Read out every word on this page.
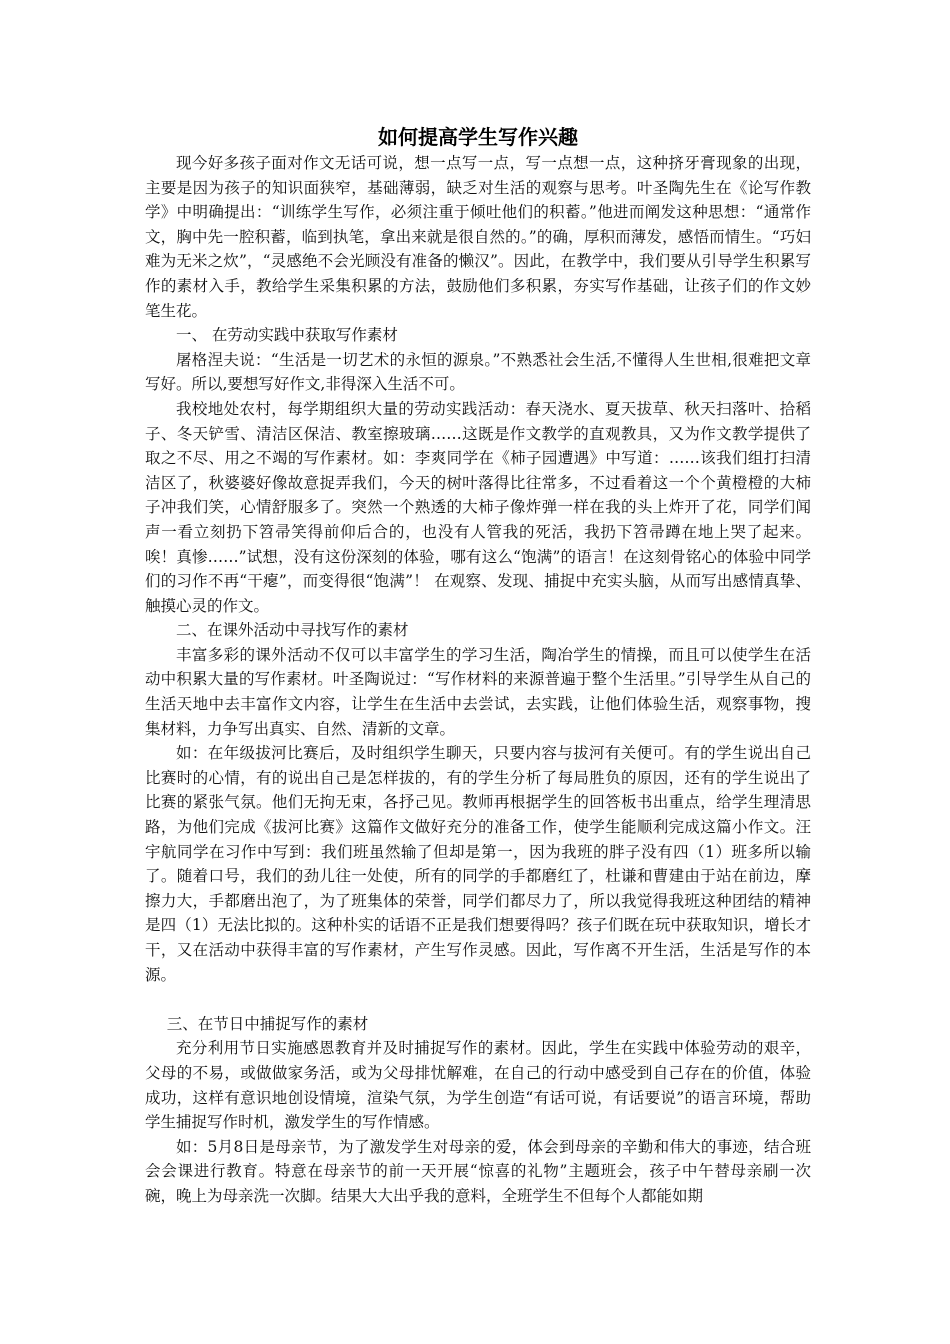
如何提高学生写作兴趣

现今好多孩子面对作文无话可说，想一点写一点，写一点想一点，这种挤牙膏现象的出现，主要是因为孩子的知识面狭窄，基础薄弱，缺乏对生活的观察与思考。叶圣陶先生在《论写作教学》中明确提出：“训练学生写作，必须注重于倾吐他们的积蓄。”他进而阐发这种思想：“通常作文，胸中先一腔积蓄，临到执笔，拿出来就是很自然的。”的确，厚积而薄发，感悟而情生。“巧妇难为无米之炊”，“灵感绝不会光顾没有准备的懒汉”。因此，在教学中，我们要从引导学生积累写作的素材入手，教给学生采集积累的方法，鼓励他们多积累，夯实写作基础，让孩子们的作文妙笔生花。

一、 在劳动实践中获取写作素材

屠格涅夫说：“生活是一切艺术的永恒的源泉。”不熟悉社会生活,不懂得人生世相,很难把文章写好。所以,要想写好作文,非得深入生活不可。

我校地处农村，每学期组织大量的劳动实践活动：春天浇水、夏天拔草、秋天扫落叶、拾稻子、冬天铲雪、清洁区保洁、教室擦玻璃……这既是作文教学的直观教具，又为作文教学提供了取之不尽、用之不竭的写作素材。如：李爽同学在《柿子园遭遇》中写道：……该我们组打扫清洁区了，秋婆婆好像故意捉弄我们，今天的树叶落得比往常多，不过看着这一个个黄橙橙的大柿子冲我们笑，心情舒服多了。突然一个熟透的大柿子像炸弹一样在我的头上炸开了花，同学们闻声一看立刻扔下笤帚笑得前仰后合的，也没有人管我的死活，我扔下笤帚蹲在地上哭了起来。唉！真惨……”试想，没有这份深刻的体验，哪有这么“饱满”的语言！在这刻骨铭心的体验中同学们的习作不再“干瘪”，而变得很“饱满”！ 在观察、发现、捕捉中充实头脑，从而写出感情真挚、触摸心灵的作文。

二、在课外活动中寻找写作的素材

丰富多彩的课外活动不仅可以丰富学生的学习生活，陶冶学生的情操，而且可以使学生在活动中积累大量的写作素材。叶圣陶说过：“写作材料的来源普遍于整个生活里。”引导学生从自己的生活天地中去丰富作文内容，让学生在生活中去尝试，去实践，让他们体验生活，观察事物，搜集材料，力争写出真实、自然、清新的文章。

如：在年级拔河比赛后，及时组织学生聊天，只要内容与拔河有关便可。有的学生说出自己比赛时的心情，有的说出自己是怎样拔的，有的学生分析了每局胜负的原因，还有的学生说出了比赛的紧张气氛。他们无拘无束，各抒己见。教师再根据学生的回答板书出重点，给学生理清思路，为他们完成《拔河比赛》这篇作文做好充分的准备工作，使学生能顺利完成这篇小作文。汪宇航同学在习作中写到：我们班虽然输了但却是第一，因为我班的胖子没有四（1）班多所以输了。随着口号，我们的劲儿往一处使，所有的同学的手都磨红了，杜谦和曹建由于站在前边，摩擦力大，手都磨出泡了，为了班集体的荣誉，同学们都尽力了，所以我觉得我班这种团结的精神是四（1）无法比拟的。这种朴实的话语不正是我们想要得吗？孩子们既在玩中获取知识，增长才干，又在活动中获得丰富的写作素材，产生写作灵感。因此，写作离不开生活，生活是写作的本源。

三、在节日中捕捉写作的素材

充分利用节日实施感恩教育并及时捕捉写作的素材。因此，学生在实践中体验劳动的艰辛，父母的不易，或做做家务活，或为父母排忧解难，在自己的行动中感受到自己存在的价值，体验成功，这样有意识地创设情境，渲染气氛，为学生创造“有话可说，有话要说”的语言环境，帮助学生捕捉写作时机，激发学生的写作情感。

如：5月8日是母亲节，为了激发学生对母亲的爱，体会到母亲的辛勤和伟大的事迹，结合班会会课进行教育。特意在母亲节的前一天开展“惊喜的礼物”主题班会，孩子中午替母亲刷一次碗，晚上为母亲洗一次脚。结果大大出乎我的意料，全班学生不但每个人都能如期
